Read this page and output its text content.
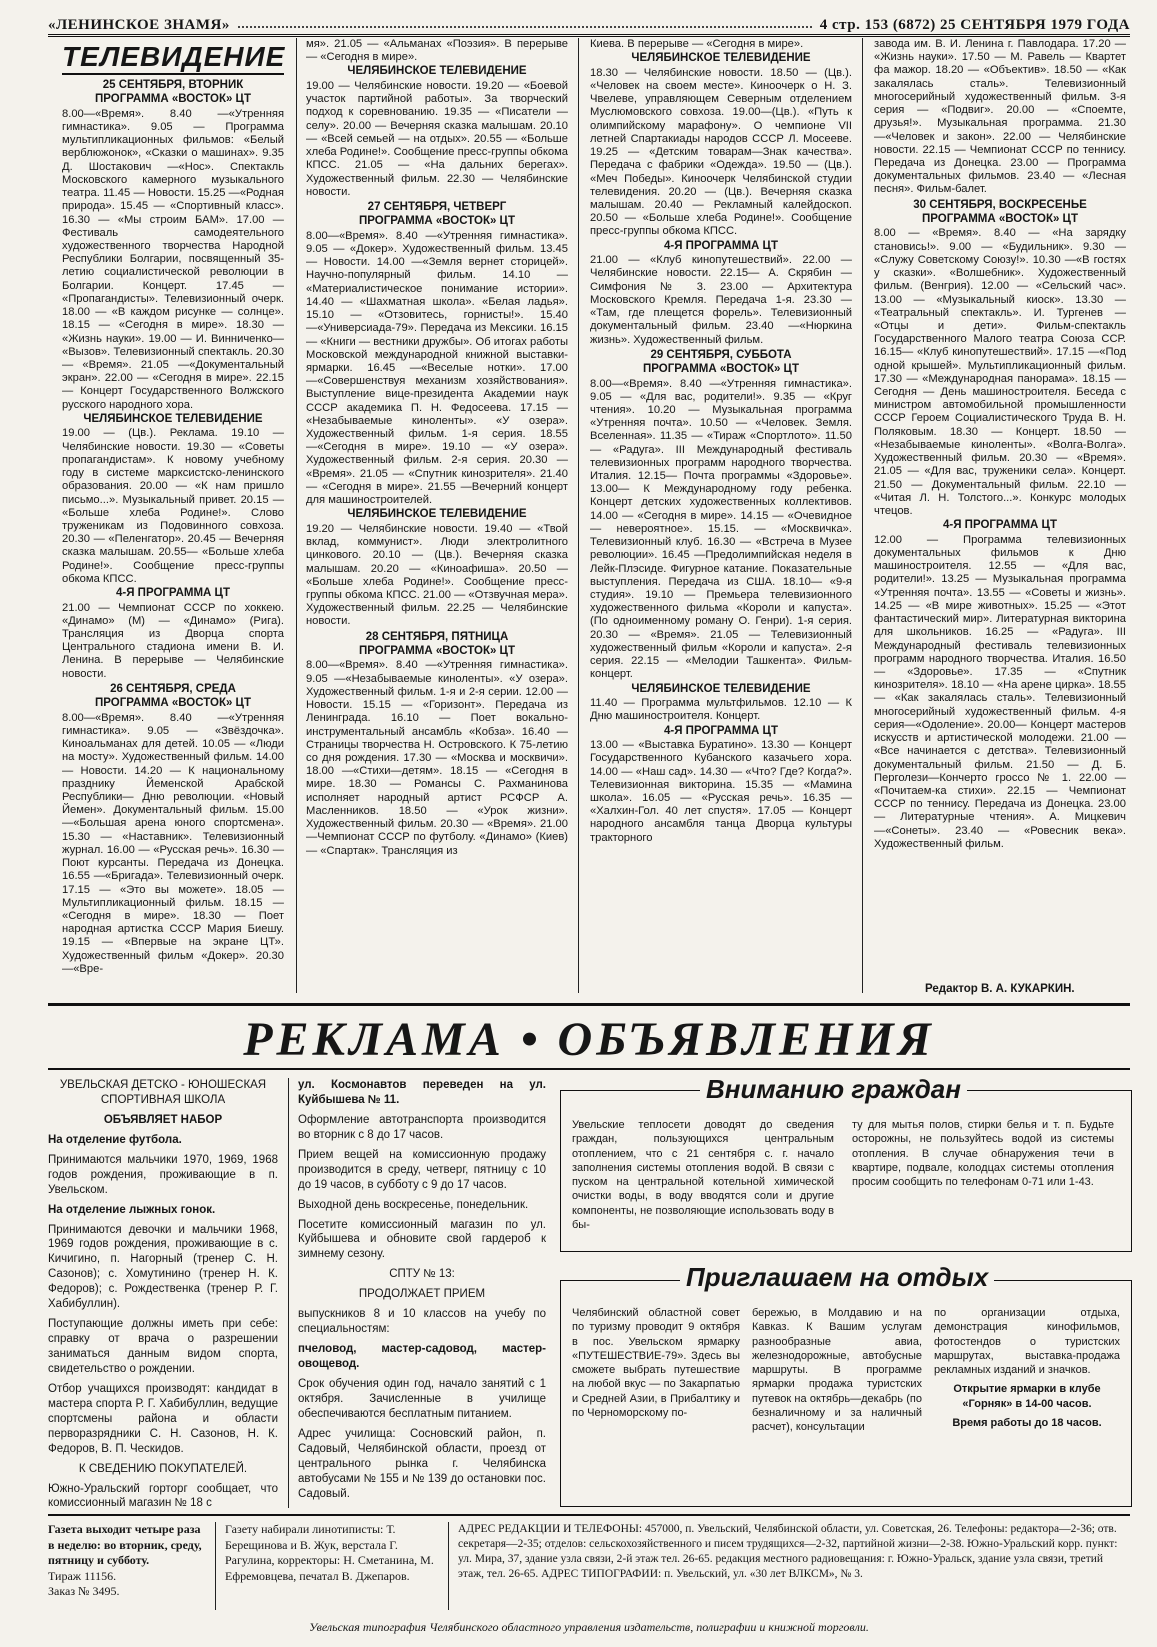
«ЛЕНИНСКОЕ ЗНАМЯ»	4 стр. 153 (6872) 25 СЕНТЯБРЯ 1979 ГОДА
ТЕЛЕВИДЕНИЕ
25 СЕНТЯБРЯ, ВТОРНИК
ПРОГРАММА «ВОСТОК» ЦТ

8.00—«Время». 8.40 —«Утренняя гимнастика». 9.05 — Программа мультипликационных фильмов: «Белый верблюжонок», «Сказки о машинах». 9.35 Д. Шостакович —«Нос». Спектакль Московского камерного музыкального театра. 11.45 — Новости. 15.25 —«Родная природа». 15.45 — «Спортивный класс». 16.30 — «Мы строим БАМ». 17.00 — Фестиваль самодеятельного художественного творчества Народной Республики Болгарии, посвященный 35-летию социалистической революции в Болгарии. Концерт. 17.45 — «Пропагандисты». Телевизионный очерк. 18.00 — «В каждом рисунке — солнце». 18.15 — «Сегодня в мире». 18.30 — «Жизнь науки». 19.00 — И. Винниченко— «Вызов». Телевизионный спектакль. 20.30 — «Время». 21.05 —«Документальный экран». 22.00 — «Сегодня в мире». 22.15 — Концерт Государственного Волжского русского народного хора.

ЧЕЛЯБИНСКОЕ ТЕЛЕВИДЕНИЕ

19.00 — (Цв.). Реклама. 19.10 — Челябинские новости. 19.30 — «Советы пропагандистам». К новому учебному году в системе марксистско-ленинского образования. 20.00 — «К нам пришло письмо...». Музыкальный привет. 20.15 — «Больше хлеба Родине!». Слово труженикам из Подовинного совхоза. 20.30 — «Пеленгатор». 20.45 — Вечерняя сказка малышам. 20.55— «Больше хлеба Родине!». Сообщение пресс-группы обкома КПСС.

4-Я ПРОГРАММА ЦТ

21.00 — Чемпионат СССР по хоккею. «Динамо» (М) — «Динамо» (Рига). Трансляция из Дворца спорта Центрального стадиона имени В. И. Ленина. В перерыве — Челябинские новости.

26 СЕНТЯБРЯ, СРЕДА
ПРОГРАММА «ВОСТОК» ЦТ

8.00—«Время». 8.40 —«Утренняя гимнастика». 9.05 — «Звёздочка». Киноальманах для детей. 10.05 — «Люди на мосту». Художественный фильм. 14.00 — Новости. 14.20 — К национальному празднику Йеменской Арабской Республики— Дню революции. «Новый Йемен». Документальный фильм. 15.00 —«Большая арена юного спортсмена». 15.30 — «Наставник». Телевизионный журнал. 16.00 — «Русская речь». 16.30 — Поют курсанты. Передача из Донецка. 16.55 —«Бригада». Телевизионный очерк. 17.15 — «Это вы можете». 18.05 — Мультипликационный фильм. 18.15 — «Сегодня в мире». 18.30 — Поет народная артистка СССР Мария Биешу. 19.15 — «Впервые на экране ЦТ». Художественный фильм «Докер». 20.30 —«Вре-

мя». 21.05 — «Альманах «Поэзия». В перерыве — «Сегодня в мире».

ЧЕЛЯБИНСКОЕ ТЕЛЕВИДЕНИЕ

19.00 — Челябинские новости. 19.20 — «Боевой участок партийной работы». За творческий подход к соревнованию. 19.35 — «Писатели — селу». 20.00 — Вечерняя сказка малышам. 20.10 — «Всей семьей — на отдых». 20.55 — «Больше хлеба Родине!». Сообщение пресс-группы обкома КПСС. 21.05 — «На дальних берегах». Художественный фильм. 22.30 — Челябинские новости.

27 СЕНТЯБРЯ, ЧЕТВЕРГ
ПРОГРАММА «ВОСТОК» ЦТ

8.00—«Время». 8.40 —«Утренняя гимнастика». 9.05 — «Докер». Художественный фильм. 13.45 — Новости. 14.00 —«Земля вернет сторицей». Научно-популярный фильм. 14.10 — «Материалистическое понимание истории». 14.40 — «Шахматная школа». «Белая ладья». 15.10 — «Отзовитесь, горнисты!». 15.40—«Универсиада-79». Передача из Мексики. 16.15 — «Книги — вестники дружбы». Об итогах работы Московской международной книжной выставки-ярмарки. 16.45 —«Веселые нотки». 17.00 —«Совершенствуя механизм хозяйствования». Выступление вице-президента Академии наук СССР академика П. Н. Федосеева. 17.15 — «Незабываемые киноленты». «У озера». Художественный фильм. 1-я серия. 18.55 —«Сегодня в мире». 19.10 — «У озера». Художественный фильм. 2-я серия. 20.30 — «Время». 21.05 — «Спутник кинозрителя». 21.40 — «Сегодня в мире». 21.55 —Вечерний концерт для машиностроителей.

ЧЕЛЯБИНСКОЕ ТЕЛЕВИДЕНИЕ

19.20 — Челябинские новости. 19.40 — «Твой вклад, коммунист». Люди электролитного цинкового. 20.10 — (Цв.). Вечерняя сказка малышам. 20.20 — «Киноафиша». 20.50 — «Больше хлеба Родине!». Сообщение пресс-группы обкома КПСС. 21.00 — «Отзвучная мера». Художественный фильм. 22.25 — Челябинские новости.

28 СЕНТЯБРЯ, ПЯТНИЦА
ПРОГРАММА «ВОСТОК» ЦТ

8.00—«Время». 8.40 —«Утренняя гимнастика». 9.05 —«Незабываемые киноленты». «У озера». Художественный фильм. 1-я и 2-я серии. 12.00 — Новости. 15.15 — «Горизонт». Передача из Ленинграда. 16.10 — Поет вокально-инструментальный ансамбль «Кобза». 16.40 — Страницы творчества Н. Островского. К 75-летию со дня рождения. 17.30 — «Москва и москвичи». 18.00 —«Стихи—детям». 18.15 — «Сегодня в мире. 18.30 — Романсы С. Рахманинова исполняет народный артист РСФСР А. Масленников. 18.50 — «Урок жизни». Художественный фильм. 20.30 — «Время». 21.00 —Чемпионат СССР по футболу. «Динамо» (Киев) — «Спартак». Трансляция из

Киева. В перерыве — «Сегодня в мире».

ЧЕЛЯБИНСКОЕ ТЕЛЕВИДЕНИЕ

18.30 — Челябинские новости. 18.50 — (Цв.). «Человек на своем месте». Киноочерк о Н. З. Чвелеве, управляющем Северным отделением Муслюмовского совхоза. 19.00—(Цв.). «Путь к олимпийскому марафону». О чемпионе VII летней Спартакиады народов СССР Л. Мосееве. 19.25 — «Детским товарам—Знак качества». Передача с фабрики «Одежда». 19.50 — (Цв.). «Меч Победы». Киноочерк Челябинской студии телевидения. 20.20 — (Цв.). Вечерняя сказка малышам. 20.40 — Рекламный калейдоскоп. 20.50 — «Больше хлеба Родине!». Сообщение пресс-группы обкома КПСС.

4-Я ПРОГРАММА ЦТ

21.00 — «Клуб кинопутешествий». 22.00 — Челябинские новости. 22.15— А. Скрябин — Симфония № 3. 23.00 — Архитектура Московского Кремля. Передача 1-я. 23.30 — «Там, где плещется форель». Телевизионный документальный фильм. 23.40 —«Нюркина жизнь». Художественный фильм.

29 СЕНТЯБРЯ, СУББОТА
ПРОГРАММА «ВОСТОК» ЦТ

8.00—«Время». 8.40 —«Утренняя гимнастика». 9.05 — «Для вас, родители!». 9.35 — «Круг чтения». 10.20 — Музыкальная программа «Утренняя почта». 10.50 — «Человек. Земля. Вселенная». 11.35 — «Тираж «Спортлото». 11.50 — «Радуга». III Международный фестиваль телевизионных программ народного творчества. Италия. 12.15— Почта программы «Здоровье». 13.00— К Международному году ребенка. Концерт детских художественных коллективов. 14.00 — «Сегодня в мире». 14.15 — «Очевидное — невероятное». 15.15. — «Москвичка». Телевизионный клуб. 16.30 — «Встреча в Музее революции». 16.45 —Предолимпийская неделя в Лейк-Плэсиде. Фигурное катание. Показательные выступления. Передача из США. 18.10— «9-я студия». 19.10 — Премьера телевизионного художественного фильма «Короли и капуста». (По одноименному роману О. Генри). 1-я серия. 20.30 — «Время». 21.05 — Телевизионный художественный фильм «Короли и капуста». 2-я серия. 22.15 — «Мелодии Ташкента». Фильм-концерт.

ЧЕЛЯБИНСКОЕ ТЕЛЕВИДЕНИЕ

11.40 — Программа мультфильмов. 12.10 — К Дню машиностроителя. Концерт.

4-Я ПРОГРАММА ЦТ

13.00 — «Выставка Буратино». 13.30 — Концерт Государственного Кубанского казачьего хора. 14.00 — «Наш сад». 14.30 — «Что? Где? Когда?». Телевизионная викторина. 15.35 — «Мамина школа». 16.05 — «Русская речь». 16.35 — «Халхин-Гол. 40 лет спустя». 17.05 — Концерт народного ансамбля танца Дворца культуры тракторного

завода им. В. И. Ленина г. Павлодара. 17.20 — «Жизнь науки». 17.50 — М. Равель — Квартет фа мажор. 18.20 — «Объектив». 18.50 — «Как закалялась сталь». Телевизионный многосерийный художественный фильм. 3-я серия — «Подвиг». 20.00 — «Споемте, друзья!». Музыкальная программа. 21.30 —«Человек и закон». 22.00 — Челябинские новости. 22.15 — Чемпионат СССР по теннису. Передача из Донецка. 23.00 — Программа документальных фильмов. 23.40 — «Лесная песня». Фильм-балет.

30 СЕНТЯБРЯ, ВОСКРЕСЕНЬЕ
ПРОГРАММА «ВОСТОК» ЦТ

8.00 — «Время». 8.40 — «На зарядку становись!». 9.00 — «Будильник». 9.30 — «Служу Советскому Союзу!». 10.30 —«В гостях у сказки». «Волшебник». Художественный фильм. (Венгрия). 12.00 — «Сельский час». 13.00 — «Музыкальный киоск». 13.30 — «Театральный спектакль». И. Тургенев — «Отцы и дети». Фильм-спектакль Государственного Малого театра Союза ССР. 16.15— «Клуб кинопутешествий». 17.15 —«Под одной крышей». Мультипликационный фильм. 17.30 — «Международная панорама». 18.15 — Сегодня — День машиностроителя. Беседа с министром автомобильной промышленности СССР Героем Социалистического Труда В. Н. Поляковым. 18.30 — Концерт. 18.50 — «Незабываемые киноленты». «Волга-Волга». Художественный фильм. 20.30 — «Время». 21.05 — «Для вас, труженики села». Концерт. 21.50 — Документальный фильм. 22.10 — «Читая Л. Н. Толстого...». Конкурс молодых чтецов.

4-Я ПРОГРАММА ЦТ

12.00 — Программа телевизионных документальных фильмов к Дню машиностроителя. 12.55 — «Для вас, родители!». 13.25 — Музыкальная программа «Утренняя почта». 13.55 — «Советы и жизнь». 14.25 — «В мире животных». 15.25 — «Этот фантастический мир». Литературная викторина для школьников. 16.25 — «Радуга». III Международный фестиваль телевизионных программ народного творчества. Италия. 16.50 — «Здоровье». 17.35 — «Спутник кинозрителя». 18.10 — «На арене цирка». 18.55 — «Как закалялась сталь». Телевизионный многосерийный художественный фильм. 4-я серия—«Одоление». 20.00— Концерт мастеров искусств и артистической молодежи. 21.00 — «Все начинается с детства». Телевизионный документальный фильм. 21.50 — Д. Б. Перголези—Кончерто гроссо № 1. 22.00 — «Почитаем-ка стихи». 22.15 — Чемпионат СССР по теннису. Передача из Донецка. 23.00 — Литературные чтения». А. Мицкевич—«Сонеты». 23.40 — «Ровесник века». Художественный фильм.

Редактор В. А. КУКАРКИН.
РЕКЛАМА • ОБЪЯВЛЕНИЯ

УВЕЛЬСКАЯ ДЕТСКО - ЮНОШЕСКАЯ СПОРТИВНАЯ ШКОЛА

ОБЪЯВЛЯЕТ НАБОР

На отделение футбола.

Принимаются мальчики 1970, 1969, 1968 годов рождения, проживающие в п. Увельском.

На отделение лыжных гонок.

Принимаются девочки и мальчики 1968, 1969 годов рождения, проживающие в с. Кичигино, п. Нагорный (тренер С. Н. Сазонов); с. Хомутинино (тренер Н. К. Федоров); с. Рождественка (тренер Р. Г. Хабибуллин).

Поступающие должны иметь при себе: справку от врача о разрешении заниматься данным видом спорта, свидетельство о рождении.

Отбор учащихся производят: кандидат в мастера спорта Р. Г. Хабибуллин, ведущие спортсмены района и области перворазрядники С. Н. Сазонов, Н. К. Федоров, В. П. Ческидов.

К СВЕДЕНИЮ ПОКУПАТЕЛЕЙ.

Южно-Уральский горторг сообщает, что комиссионный магазин № 18 с

ул. Космонавтов переведен на ул. Куйбышева № 11.

Оформление автотранспорта производится во вторник с 8 до 17 часов.

Прием вещей на комиссионную продажу производится в среду, четверг, пятницу с 10 до 19 часов, в субботу с 9 до 17 часов.

Выходной день воскресенье, понедельник.

Посетите комиссионный магазин по ул. Куйбышева и обновите свой гардероб к зимнему сезону.

СПТУ № 13:

ПРОДОЛЖАЕТ ПРИЕМ

выпускников 8 и 10 классов на учебу по специальностям:

пчеловод, мастер-садовод, мастер-овощевод.

Срок обучения один год, начало занятий с 1 октября. Зачисленные в училище обеспечиваются бесплатным питанием.

Адрес училища: Сосновский район, п. Садовый, Челябинской области, проезд от центрального рынка г. Челябинска автобусами № 155 и № 139 до остановки пос. Садовый.

Вниманию граждан
Увельские теплосети доводят до сведения граждан, пользующихся центральным отоплением, что с 21 сентября с. г. начало заполнения системы отопления водой. В связи с пуском на центральной котельной химической очистки воды, в воду вводятся соли и другие компоненты, не позволяющие использовать воду в бы-
ту для мытья полов, стирки белья и т. п. Будьте осторожны, не пользуйтесь водой из системы отопления. В случае обнаружения течи в квартире, подвале, колодцах системы отопления просим сообщить по телефонам 0-71 или 1-43.
Приглашаем на отдых
Челябинский областной совет по туризму проводит 9 октября в пос. Увельском ярмарку «ПУТЕШЕСТВИЕ-79». Здесь вы сможете выбрать путешествие на любой вкус — по Закарпатью и Средней Азии, в Прибалтику и по Черноморскому по-
бережью, в Молдавию и на Кавказ. К Вашим услугам разнообразные авиа, железнодорожные, автобусные маршруты. В программе ярмарки продажа туристских путевок на октябрь—декабрь (по безналичному и за наличный расчет), консультации

по организации отдыха, демонстрация кинофильмов, фотостендов о туристских маршрутах, выставка-продажа рекламных изданий и значков.

Открытие ярмарки в клубе «Горняк» в 14-00 часов.

Время работы до 18 часов.

Газета выходит четыре раза в неделю: во вторник, среду, пятницу и субботу.
Тираж 11156.
Заказ № 3495.
Газету набирали линотиписты: Т. Берещинова и В. Жук, верстала Г. Рагулина, корректоры: Н. Сметанина, М. Ефремовцева, печатал В. Джепаров.
АДРЕС РЕДАКЦИИ И ТЕЛЕФОНЫ: 457000, п. Увельский, Челябинской области, ул. Советская, 26. Телефоны: редактора—2-36; отв. секретаря—2-35; отделов: сельскохозяйственного и писем трудящихся—2-32, партийной жизни—2-38. Южно-Уральский корр. пункт: ул. Мира, 37, здание узла связи, 2-й этаж тел. 26-65. редакция местного радиовещания: г. Южно-Уральск, здание узла связи, третий этаж, тел. 26-65. АДРЕС ТИПОГРАФИИ: п. Увельский, ул. «30 лет ВЛКСМ», № 3.
Увельская типография Челябинского областного управления издательств, полиграфии и книжной торговли.
